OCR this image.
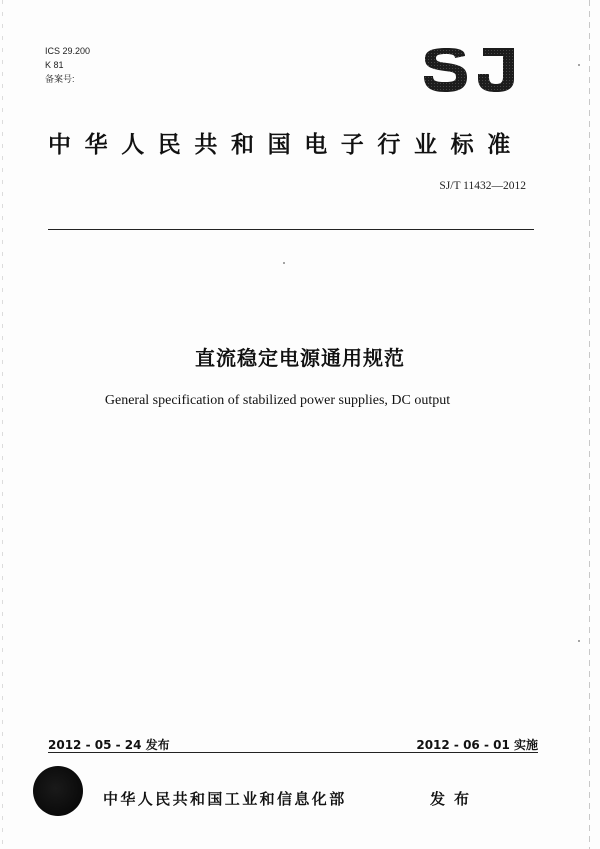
ICS 29.200
K 81
备案号:
中华人民共和国电子行业标准
SJ/T 11432—2012
直流稳定电源通用规范
General specification of stabilized power supplies, DC output
2012 - 05 - 24 发布	2012 - 06 - 01 实施
中华人民共和国工业和信息化部	发布
